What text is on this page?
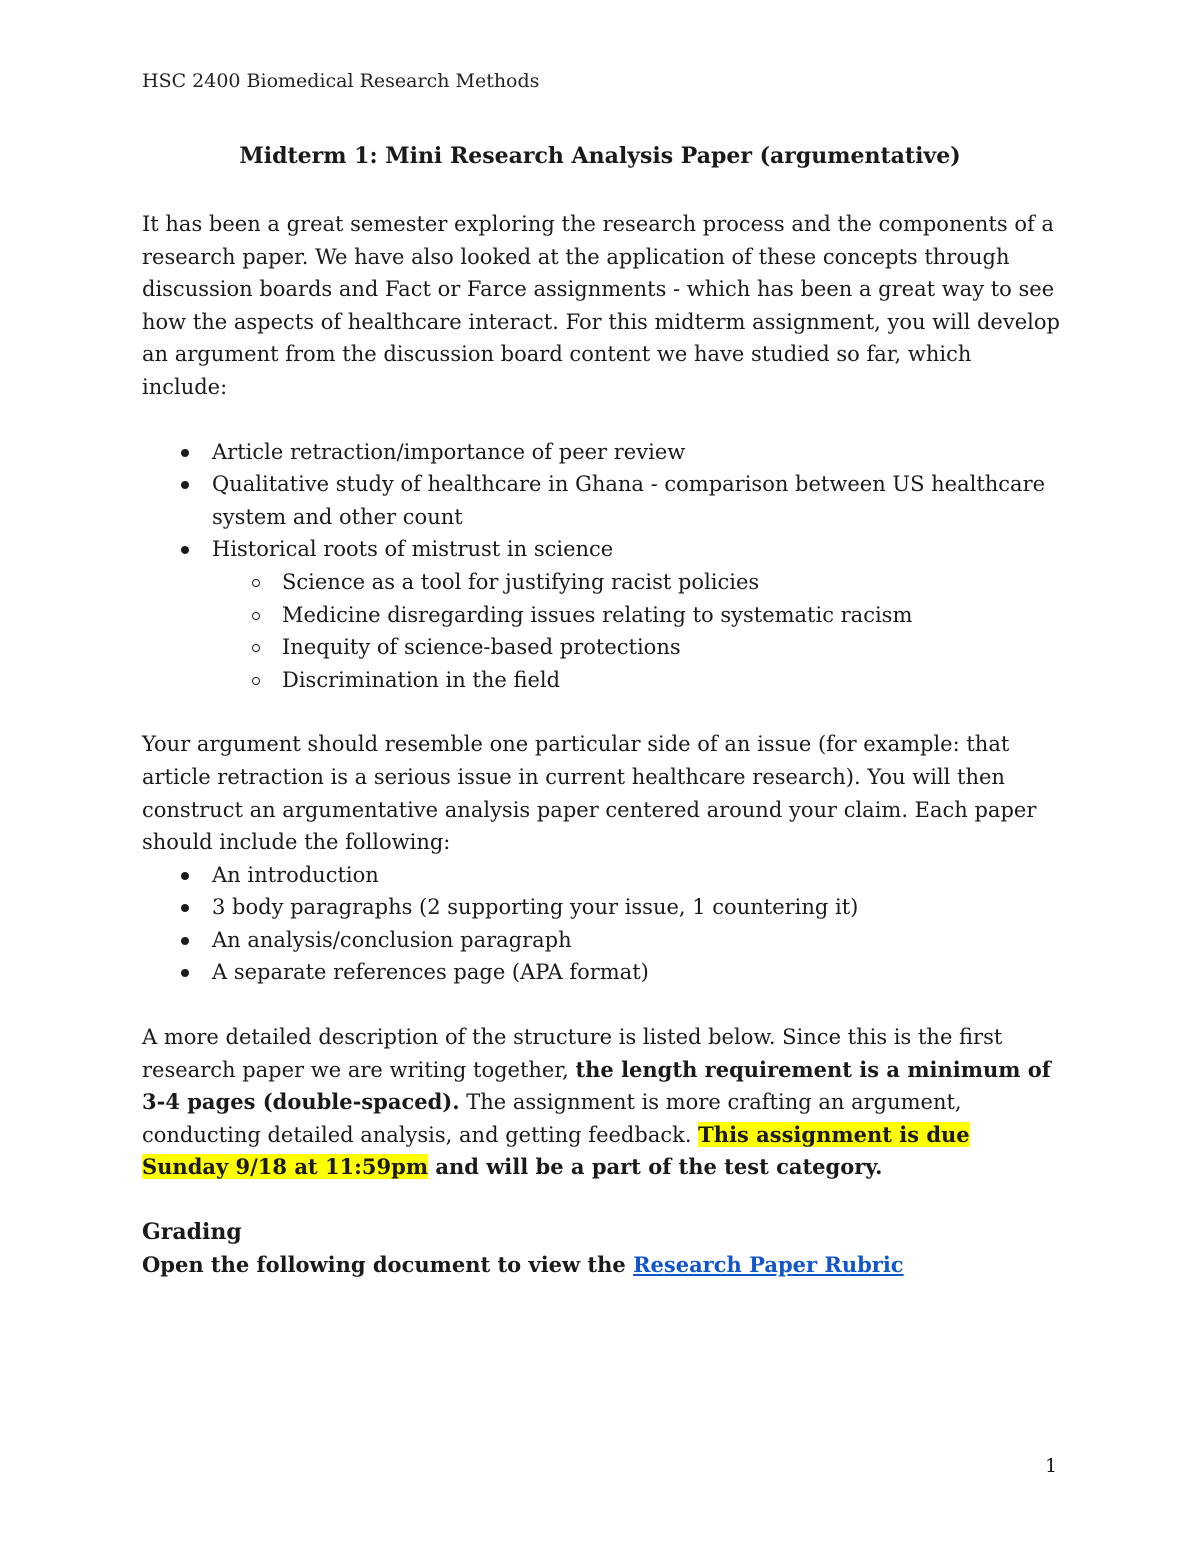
HSC 2400 Biomedical Research Methods
Midterm 1: Mini Research Analysis Paper (argumentative)

It has been a great semester exploring the research process and the components of a research paper. We have also looked at the application of these concepts through discussion boards and Fact or Farce assignments - which has been a great way to see how the aspects of healthcare interact. For this midterm assignment, you will develop an argument from the discussion board content we have studied so far, which include:

Article retraction/importance of peer review
Qualitative study of healthcare in Ghana - comparison between US healthcare system and other count
Historical roots of mistrust in science
Science as a tool for justifying racist policies
Medicine disregarding issues relating to systematic racism
Inequity of science-based protections
Discrimination in the field

Your argument should resemble one particular side of an issue (for example: that article retraction is a serious issue in current healthcare research). You will then construct an argumentative analysis paper centered around your claim. Each paper should include the following:

An introduction
3 body paragraphs (2 supporting your issue, 1 countering it)
An analysis/conclusion paragraph
A separate references page (APA format)

A more detailed description of the structure is listed below. Since this is the first research paper we are writing together, the length requirement is a minimum of 3-4 pages (double-spaced). The assignment is more crafting an argument, conducting detailed analysis, and getting feedback. This assignment is due Sunday 9/18 at 11:59pm and will be a part of the test category.

Grading

Open the following document to view the Research Paper Rubric

1
